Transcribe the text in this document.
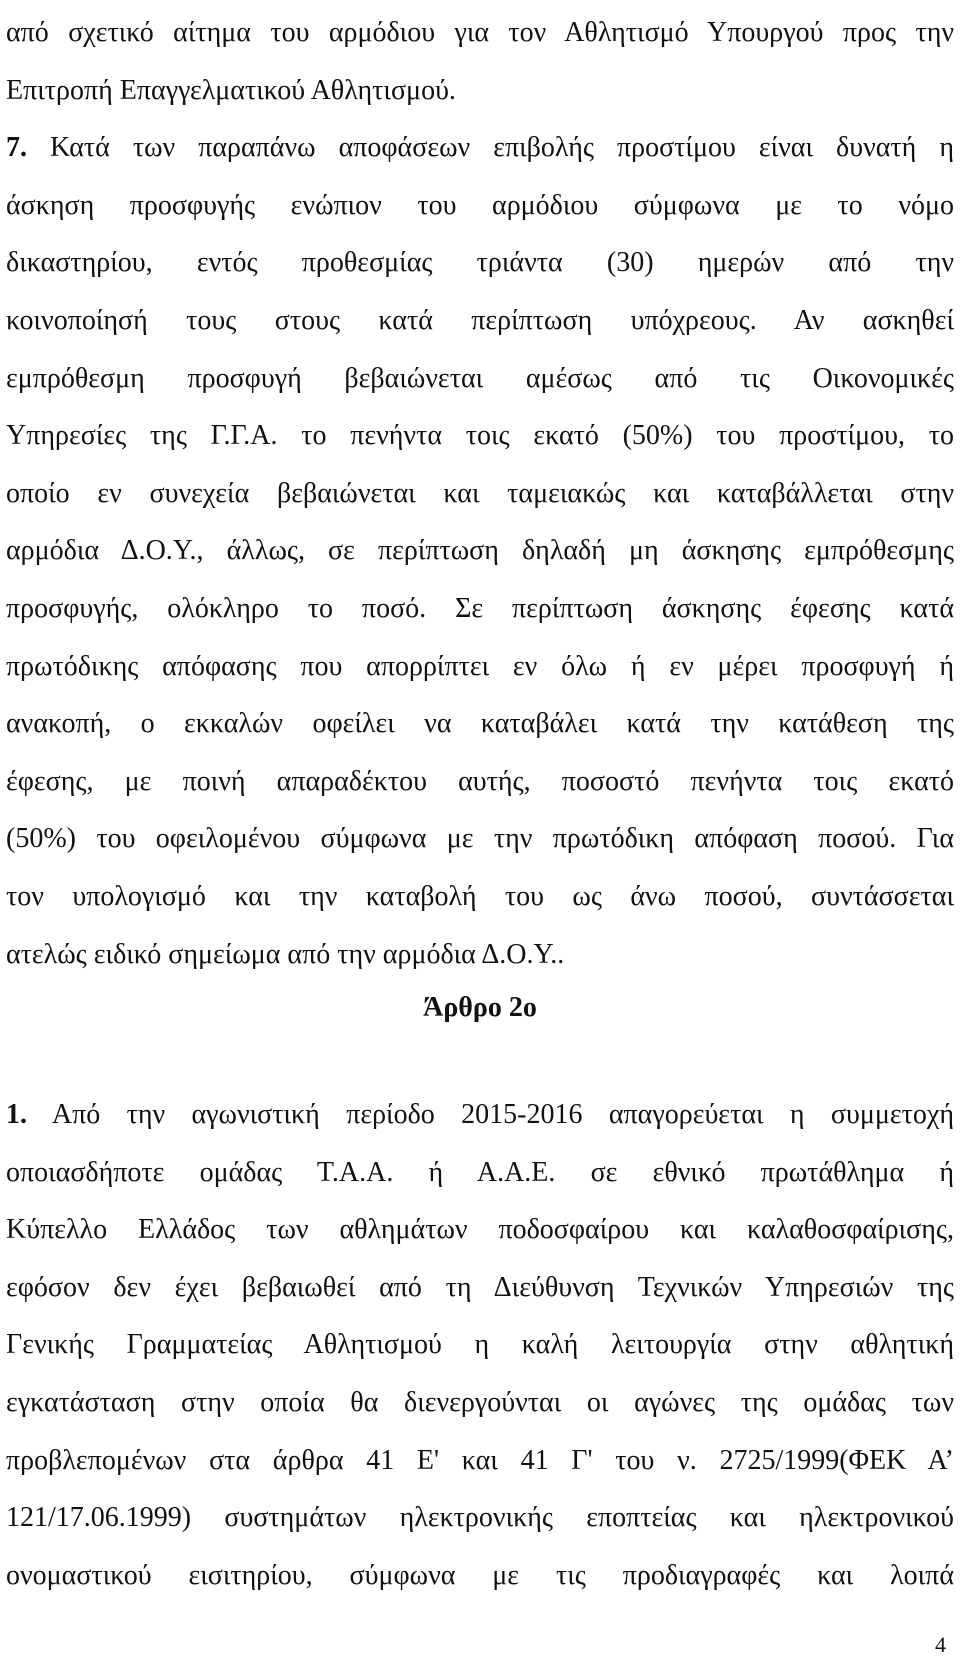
από σχετικό αίτημα του αρμόδιου για τον Αθλητισμό Υπουργού προς την
Επιτροπή Επαγγελματικού Αθλητισμού.
7. Κατά των παραπάνω αποφάσεων επιβολής προστίμου είναι δυνατή η
άσκηση προσφυγής ενώπιον του αρμόδιου σύμφωνα με το νόμο
δικαστηρίου, εντός προθεσμίας τριάντα (30) ημερών από την
κοινοποίησή τους στους κατά περίπτωση υπόχρεους. Αν ασκηθεί
εμπρόθεσμη προσφυγή βεβαιώνεται αμέσως από τις Οικονομικές
Υπηρεσίες της Γ.Γ.Α. το πενήντα τοις εκατό (50%) του προστίμου, το
οποίο εν συνεχεία βεβαιώνεται και ταμειακώς και καταβάλλεται στην
αρμόδια Δ.Ο.Υ., άλλως, σε περίπτωση δηλαδή μη άσκησης εμπρόθεσμης
προσφυγής, ολόκληρο το ποσό. Σε περίπτωση άσκησης έφεσης κατά
πρωτόδικης απόφασης που απορρίπτει εν όλω ή εν μέρει προσφυγή ή
ανακοπή, ο εκκαλών οφείλει να καταβάλει κατά την κατάθεση της
έφεσης, με ποινή απαραδέκτου αυτής, ποσοστό πενήντα τοις εκατό
(50%) του οφειλομένου σύμφωνα με την πρωτόδικη απόφαση ποσού. Για
τον υπολογισμό και την καταβολή του ως άνω ποσού, συντάσσεται
ατελώς ειδικό σημείωμα από την αρμόδια Δ.Ο.Υ..
Άρθρο 2ο
1. Από την αγωνιστική περίοδο 2015-2016 απαγορεύεται η συμμετοχή
οποιασδήποτε ομάδας Τ.Α.Α. ή Α.Α.Ε. σε εθνικό πρωτάθλημα ή
Κύπελλο Ελλάδος των αθλημάτων ποδοσφαίρου και καλαθοσφαίρισης,
εφόσον δεν έχει βεβαιωθεί από τη Διεύθυνση Τεχνικών Υπηρεσιών της
Γενικής Γραμματείας Αθλητισμού η καλή λειτουργία στην αθλητική
εγκατάσταση στην οποία θα διενεργούνται οι αγώνες της ομάδας των
προβλεπομένων στα άρθρα 41 Ε' και 41 Γ' του ν. 2725/1999(ΦΕΚ Α’
121/17.06.1999) συστημάτων ηλεκτρονικής εποπτείας και ηλεκτρονικού
ονομαστικού εισιτηρίου, σύμφωνα με τις προδιαγραφές και λοιπά
4
